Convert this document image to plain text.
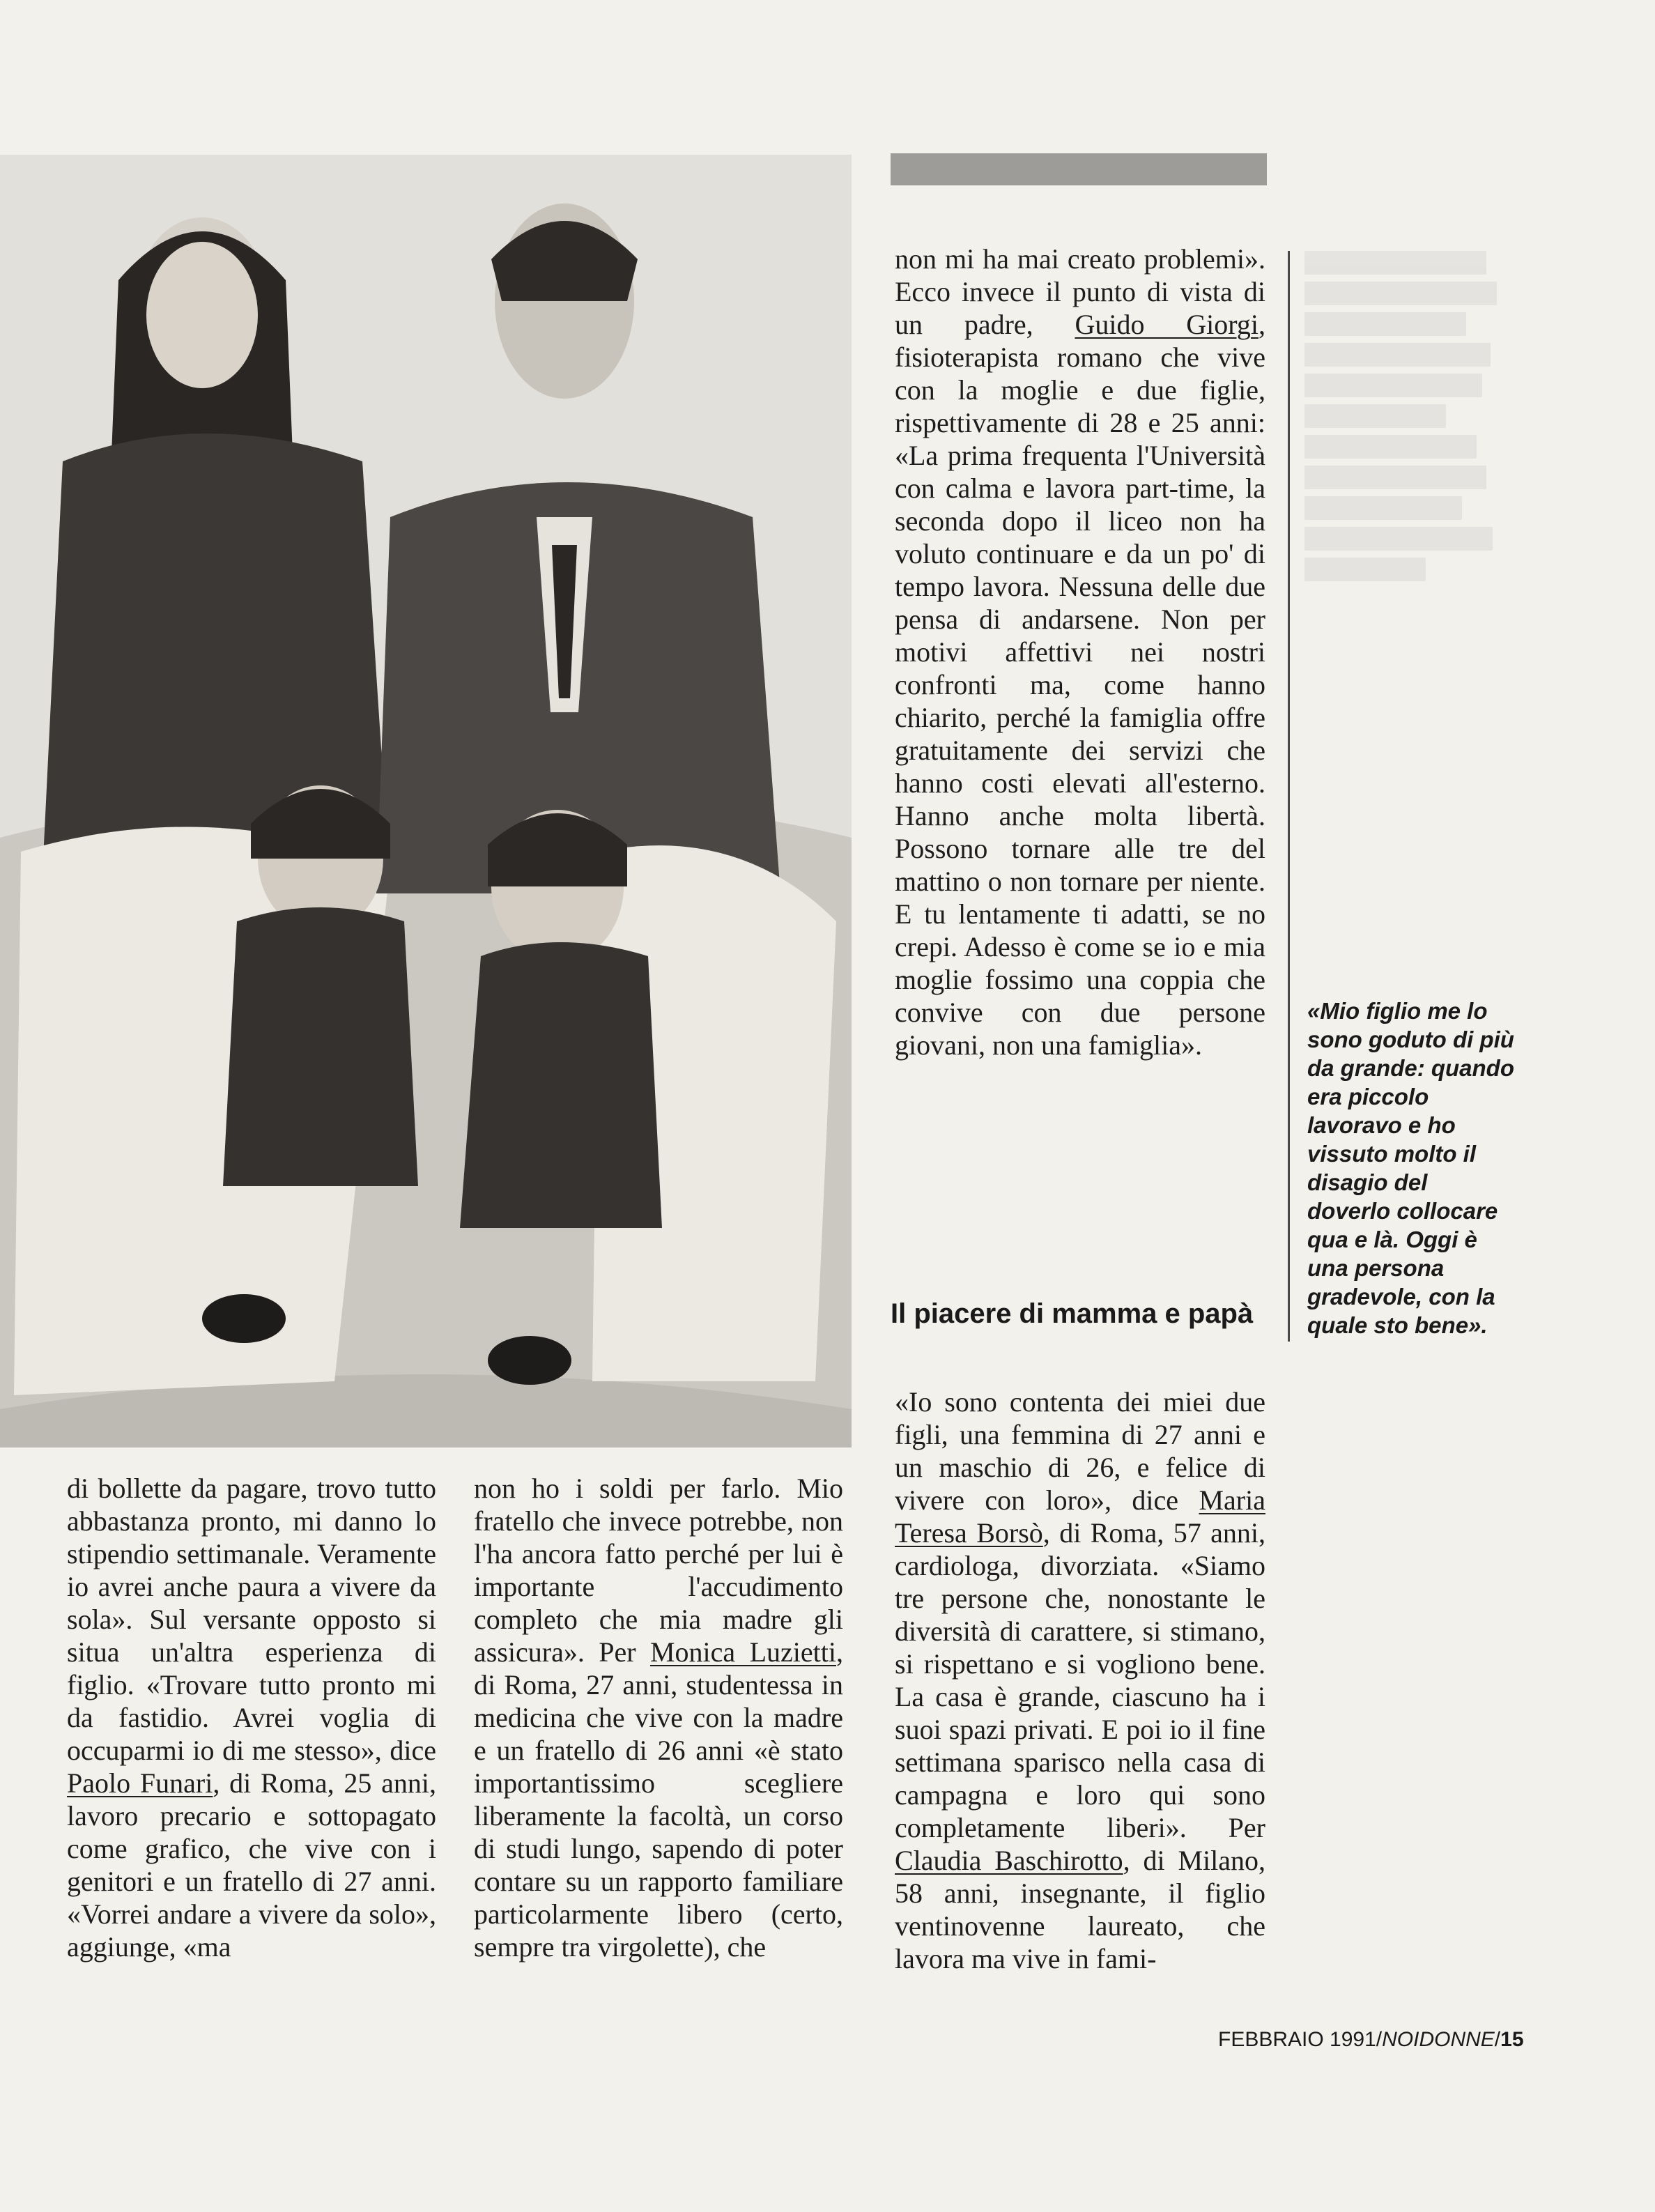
non mi ha mai creato problemi». Ecco invece il punto di vista di un padre, Guido Giorgi, fisioterapista romano che vive con la moglie e due figlie, rispettivamente di 28 e 25 anni: «La prima frequenta l'Università con calma e lavora part-time, la seconda dopo il liceo non ha voluto continuare e da un po' di tempo lavora. Nessuna delle due pensa di andarsene. Non per motivi affettivi nei nostri confronti ma, come hanno chiarito, perché la famiglia offre gratuitamente dei servizi che hanno costi elevati all'esterno. Hanno anche molta libertà. Possono tornare alle tre del mattino o non tornare per niente. E tu lentamente ti adatti, se no crepi. Adesso è come se io e mia moglie fossimo una coppia che convive con due persone giovani, non una famiglia».

Il piacere di mamma e papà

«Io sono contenta dei miei due figli, una femmina di 27 anni e un maschio di 26, e felice di vivere con loro», dice Maria Teresa Borsò, di Roma, 57 anni, cardiologa, divorziata. «Siamo tre persone che, nonostante le diversità di carattere, si stimano, si rispettano e si vogliono bene. La casa è grande, ciascuno ha i suoi spazi privati. E poi io il fine settimana sparisco nella casa di campagna e loro qui sono completamente liberi». Per Claudia Baschirotto, di Milano, 58 anni, insegnante, il figlio ventinovenne laureato, che lavora ma vive in fami-

di bollette da pagare, trovo tutto abbastanza pronto, mi danno lo stipendio settimanale. Veramente io avrei anche paura a vivere da sola». Sul versante opposto si situa un'altra esperienza di figlio. «Trovare tutto pronto mi da fastidio. Avrei voglia di occuparmi io di me stesso», dice Paolo Funari, di Roma, 25 anni, lavoro precario e sottopagato come grafico, che vive con i genitori e un fratello di 27 anni. «Vorrei andare a vivere da solo», aggiunge, «ma

non ho i soldi per farlo. Mio fratello che invece potrebbe, non l'ha ancora fatto perché per lui è importante l'accudimento completo che mia madre gli assicura». Per Monica Luzietti, di Roma, 27 anni, studentessa in medicina che vive con la madre e un fratello di 26 anni «è stato importantissimo scegliere liberamente la facoltà, un corso di studi lungo, sapendo di poter contare su un rapporto familiare particolarmente libero (certo, sempre tra virgolette), che

«Mio figlio me lo sono goduto di più da grande: quando era piccolo lavoravo e ho vissuto molto il disagio del doverlo collocare qua e là. Oggi è una persona gradevole, con la quale sto bene».
FEBBRAIO 1991/NOIDONNE/15
